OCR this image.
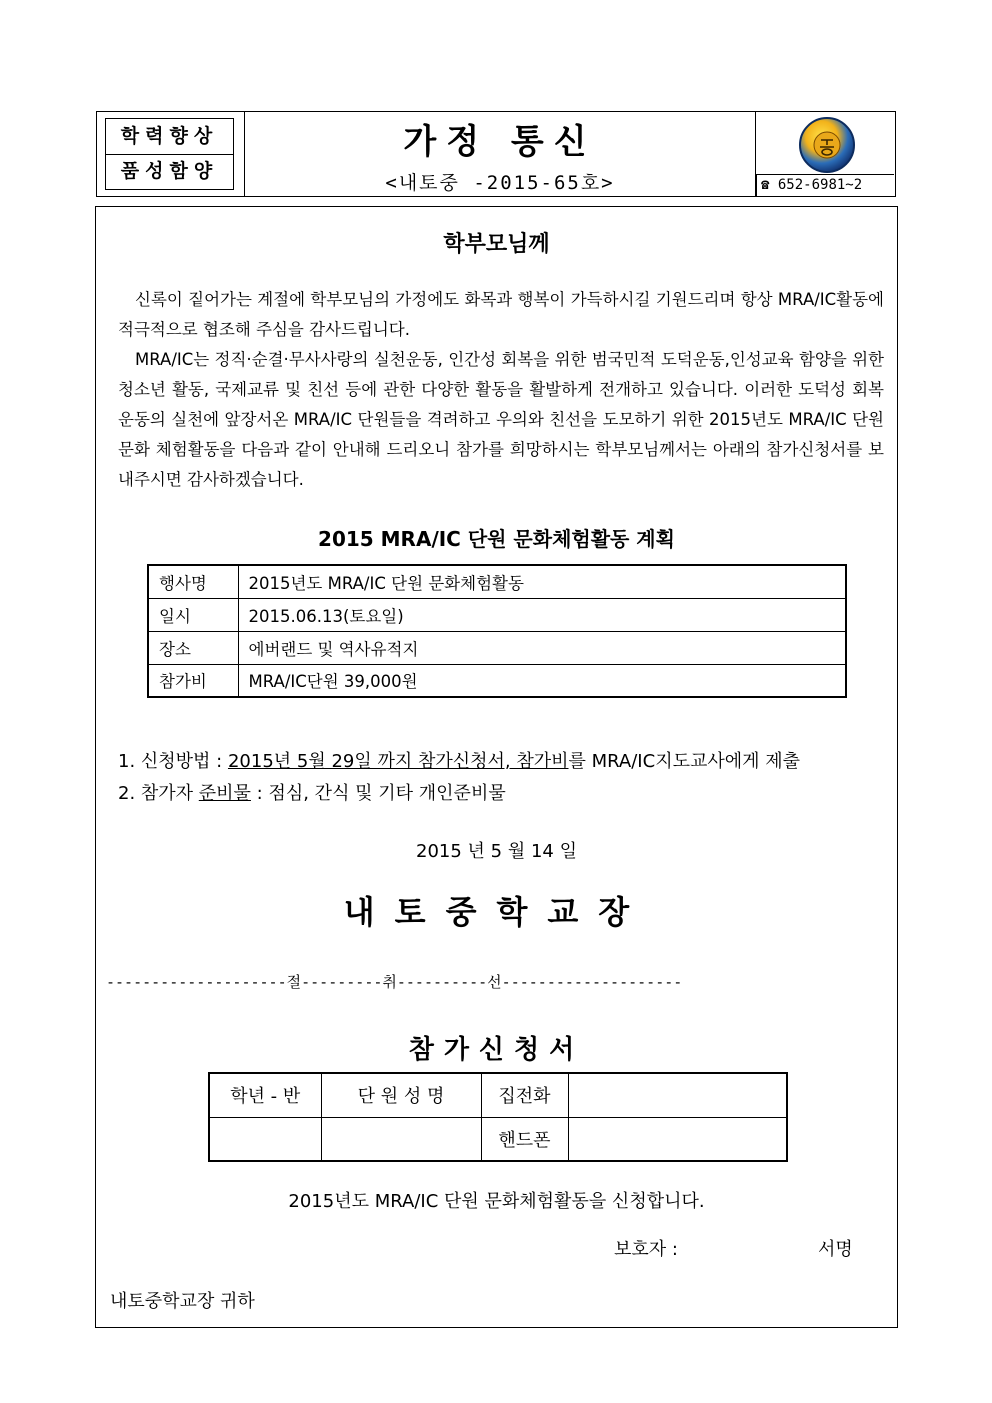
학력향상
품성함양
가정 통신
<내토중 -2015-65호>	☎ 652-6981~2
학부모님께
신록이 짙어가는 계절에 학부모님의 가정에도 화목과 행복이 가득하시길 기원드리며 항상 MRA/IC활동에 적극적으로 협조해 주심을 감사드립니다.
MRA/IC는 정직·순결·무사사랑의 실천운동, 인간성 회복을 위한 범국민적 도덕운동,인성교육 함양을 위한 청소년 활동, 국제교류 및 친선 등에 관한 다양한 활동을 활발하게 전개하고 있습니다. 이러한 도덕성 회복 운동의 실천에 앞장서온 MRA/IC 단원들을 격려하고 우의와 친선을 도모하기 위한 2015년도 MRA/IC 단원 문화 체험활동을 다음과 같이 안내해 드리오니 참가를 희망하시는 학부모님께서는 아래의 참가신청서를 보내주시면 감사하겠습니다.
2015 MRA/IC 단원 문화체험활동 계획
행사명	2015년도 MRA/IC 단원 문화체험활동
일시	2015.06.13(토요일)
장소	에버랜드 및 역사유적지
참가비	MRA/IC단원 39,000원
1. 신청방법 : 2015년 5월 29일 까지 참가신청서, 참가비를 MRA/IC지도교사에게 제출
2. 참가자 준비물 : 점심, 간식 및 기타 개인준비물
2015 년 5 월 14 일
내토중학교장
--------------------절---------취----------선--------------------
참가신청서
학년 - 반	단 원 성 명	집전화	
		핸드폰	
2015년도 MRA/IC 단원 문화체험활동을 신청합니다.
보호자 :	서명
내토중학교장 귀하
